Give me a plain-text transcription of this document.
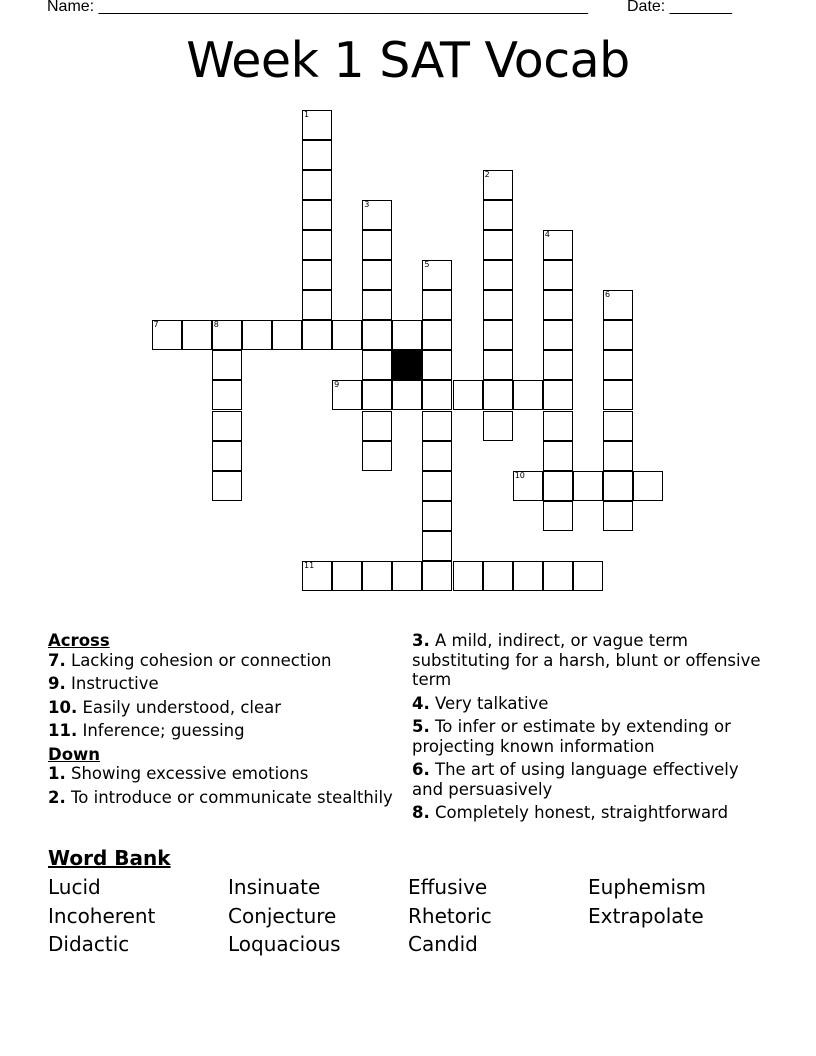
Name: _______________________________________________________ Date: _______
Week 1 SAT Vocab
1
2
3
4
5
6
7	8
9
10
11
Across
7. Lacking cohesion or connection
9. Instructive
10. Easily understood, clear
11. Inference; guessing
Down
1. Showing excessive emotions
2. To introduce or communicate stealthily
3. A mild, indirect, or vague term substituting for a harsh, blunt or offensive term
4. Very talkative
5. To infer or estimate by extending or projecting known information
6. The art of using language effectively and persuasively
8. Completely honest, straightforward
Word Bank
Lucid	Insinuate	Effusive	Euphemism
Incoherent	Conjecture	Rhetoric	Extrapolate
Didactic	Loquacious	Candid
